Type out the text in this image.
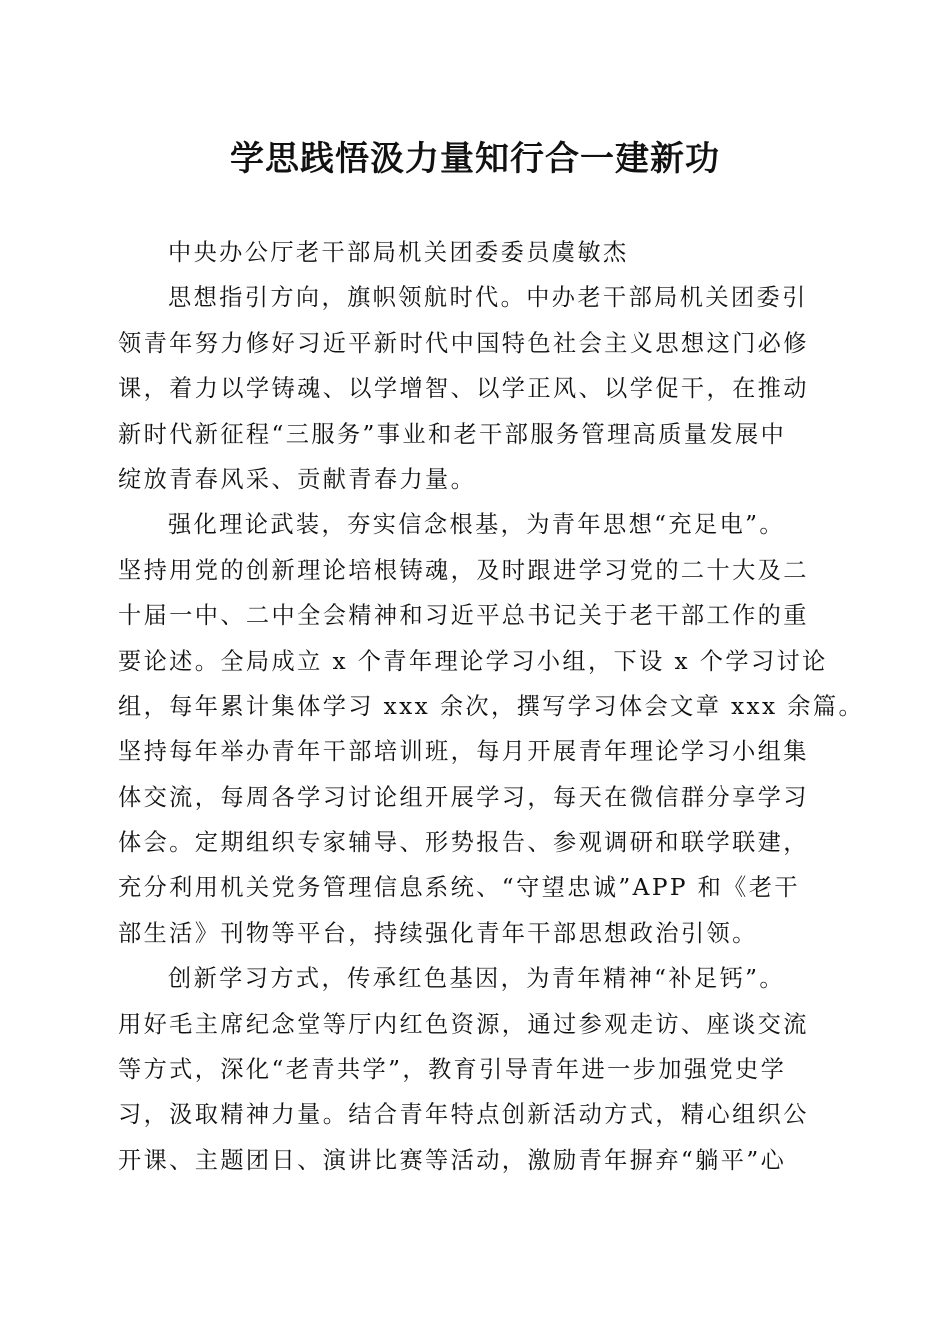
学思践悟汲力量知行合一建新功
中央办公厅老干部局机关团委委员虞敏杰
思想指引方向，旗帜领航时代。中办老干部局机关团委引
领青年努力修好习近平新时代中国特色社会主义思想这门必修
课，着力以学铸魂、以学增智、以学正风、以学促干，在推动
新时代新征程“三服务”事业和老干部服务管理高质量发展中
绽放青春风采、贡献青春力量。
强化理论武装，夯实信念根基，为青年思想“充足电”。
坚持用党的创新理论培根铸魂，及时跟进学习党的二十大及二
十届一中、二中全会精神和习近平总书记关于老干部工作的重
要论述。全局成立 x 个青年理论学习小组，下设 x 个学习讨论
组，每年累计集体学习 xxx 余次，撰写学习体会文章 xxx 余篇。
坚持每年举办青年干部培训班，每月开展青年理论学习小组集
体交流，每周各学习讨论组开展学习，每天在微信群分享学习
体会。定期组织专家辅导、形势报告、参观调研和联学联建，
充分利用机关党务管理信息系统、“守望忠诚”APP 和《老干
部生活》刊物等平台，持续强化青年干部思想政治引领。
创新学习方式，传承红色基因，为青年精神“补足钙”。
用好毛主席纪念堂等厅内红色资源，通过参观走访、座谈交流
等方式，深化“老青共学”，教育引导青年进一步加强党史学
习，汲取精神力量。结合青年特点创新活动方式，精心组织公
开课、主题团日、演讲比赛等活动，激励青年摒弃“躺平”心
